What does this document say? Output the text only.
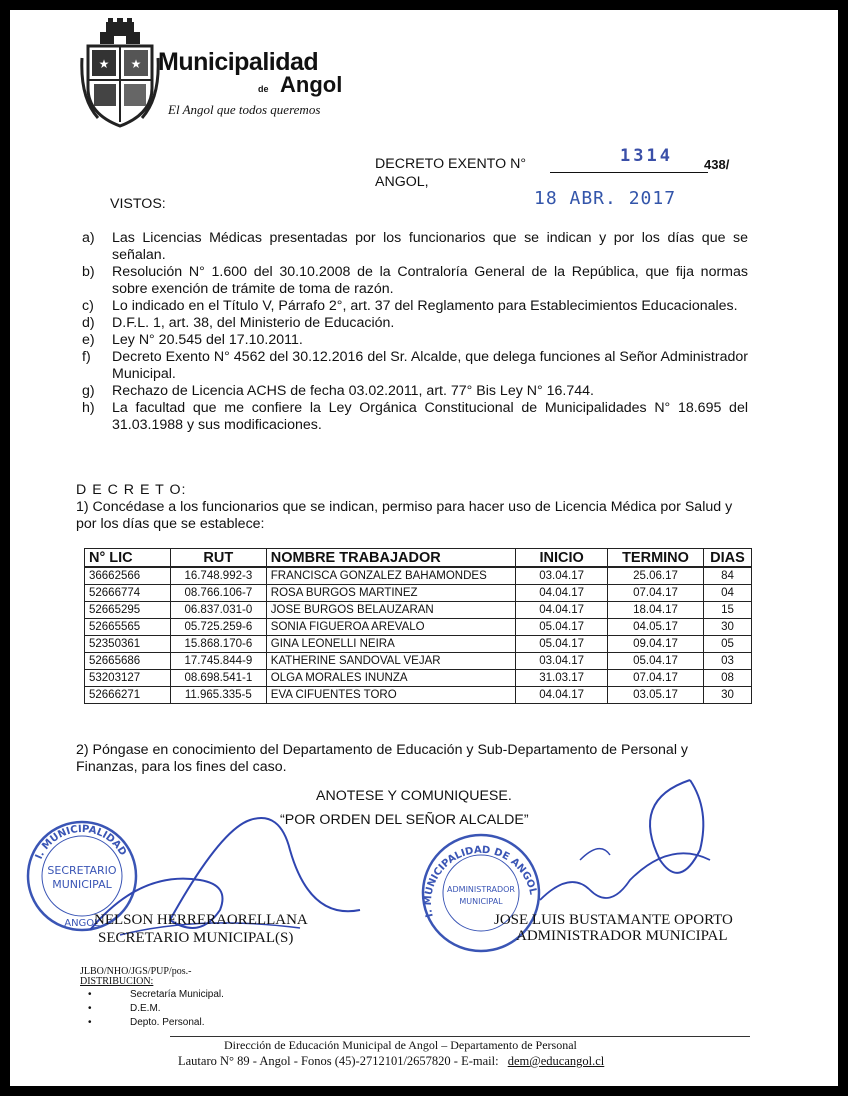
★ ★ Municipalidad
de Angol
El Angol que todos queremos
DECRETO EXENTO N°	1314 438/
ANGOL,
18 ABR. 2017
VISTOS:
a) Las Licencias Médicas presentadas por los funcionarios que se indican y por los días que se señalan.
b) Resolución N° 1.600 del 30.10.2008 de la Contraloría General de la República, que fija normas sobre exención de trámite de toma de razón.
c) Lo indicado en el Título V, Párrafo 2°, art. 37 del Reglamento para Establecimientos Educacionales.
d) D.F.L. 1, art. 38, del Ministerio de Educación.
e) Ley N° 20.545 del 17.10.2011.
f) Decreto Exento N° 4562 del 30.12.2016 del Sr. Alcalde, que delega funciones al Señor Administrador Municipal.
g) Rechazo de Licencia ACHS de fecha 03.02.2011, art. 77° Bis Ley N° 16.744.
h) La facultad que me confiere la Ley Orgánica Constitucional de Municipalidades N° 18.695 del 31.03.1988 y sus modificaciones.
D E C R E T O:
1) Concédase a los funcionarios que se indican, permiso para hacer uso de Licencia Médica por Salud y por los días que se establece:
N° LIC	RUT	NOMBRE TRABAJADOR	INICIO	TERMINO	DIAS
36662566	16.748.992-3	FRANCISCA GONZALEZ BAHAMONDES	03.04.17	25.06.17	84
52666774	08.766.106-7	ROSA BURGOS MARTINEZ	04.04.17	07.04.17	04
52665295	06.837.031-0	JOSE BURGOS BELAUZARAN	04.04.17	18.04.17	15
52665565	05.725.259-6	SONIA FIGUEROA AREVALO	05.04.17	04.05.17	30
52350361	15.868.170-6	GINA LEONELLI NEIRA	05.04.17	09.04.17	05
52665686	17.745.844-9	KATHERINE SANDOVAL VEJAR	03.04.17	05.04.17	03
53203127	08.698.541-1	OLGA MORALES INUNZA	31.03.17	07.04.17	08
52666271	11.965.335-5	EVA CIFUENTES TORO	04.04.17	03.05.17	30
2) Póngase en conocimiento del Departamento de Educación y Sub-Departamento de Personal y Finanzas, para los fines del caso.
ANOTESE Y COMUNIQUESE.
“POR ORDEN DEL SEÑOR ALCALDE”
I. MUNICIPALIDAD
SECRETARIO
MUNICIPAL
ANGOL
I. MUNICIPALIDAD DE ANGOL
ADMINISTRADOR
MUNICIPAL
NELSON HERRERAORELLANA
SECRETARIO MUNICIPAL(S)
JOSE LUIS BUSTAMANTE OPORTO
ADMINISTRADOR MUNICIPAL
JLBO/NHO/JGS/PUP/pos.-
DISTRIBUCION:
•	Secretaría Municipal.
•	D.E.M.
•	Depto. Personal.
Dirección de Educación Municipal de Angol – Departamento de Personal
Lautaro N° 89 - Angol - Fonos (45)-2712101/2657820 - E-mail: dem@educangol.cl
